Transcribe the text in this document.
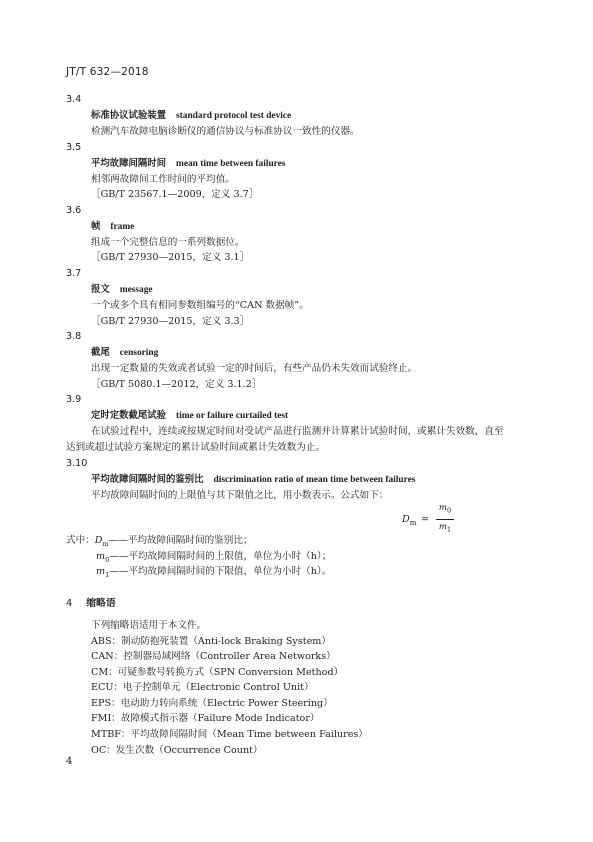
JT/T 632—2018
3.4
标准协议试验装置 standard protocol test device
检测汽车故障电脑诊断仪的通信协议与标准协议一致性的仪器。
3.5
平均故障间隔时间 mean time between failures
相邻两故障间工作时间的平均值。
［GB/T 23567.1—2009，定义 3.7］
3.6
帧 frame
组成一个完整信息的一系列数据位。
［GB/T 27930—2015，定义 3.1］
3.7
报文 message
一个或多个具有相同参数组编号的“CAN 数据帧”。
［GB/T 27930—2015，定义 3.3］
3.8
截尾 censoring
出现一定数量的失效或者试验一定的时间后，有些产品仍未失效而试验终止。
［GB/T 5080.1—2012，定义 3.1.2］
3.9
定时定数截尾试验 time or failure curtailed test
在试验过程中，连续或按规定时间对受试产品进行监测并计算累计试验时间，或累计失效数，直至
达到或超过试验方案规定的累计试验时间或累计失效数为止。
3.10
平均故障间隔时间的鉴别比 discrimination ratio of mean time between failures
平均故障间隔时间的上限值与其下限值之比，用小数表示。公式如下：
$D_m$ =
$m_0$
$m_1$
式中：$D_m——$平均故障间隔时间的鉴别比；
$m_0——$平均故障间隔时间的上限值，单位为小时（h）；
$m_1——$平均故障间隔时间的下限值，单位为小时（h）。
4 缩略语
下列缩略语适用于本文件。
ABS：制动防抱死装置（Anti-lock Braking System）
CAN：控制器局域网络（Controller Area Networks）
CM：可疑参数号转换方式（SPN Conversion Method）
ECU：电子控制单元（Electronic Control Unit）
EPS：电动助力转向系统（Electric Power Steering）
FMI：故障模式指示器（Failure Mode Indicator）
MTBF：平均故障间隔时间（Mean Time between Failures）
OC：发生次数（Occurrence Count）
4
